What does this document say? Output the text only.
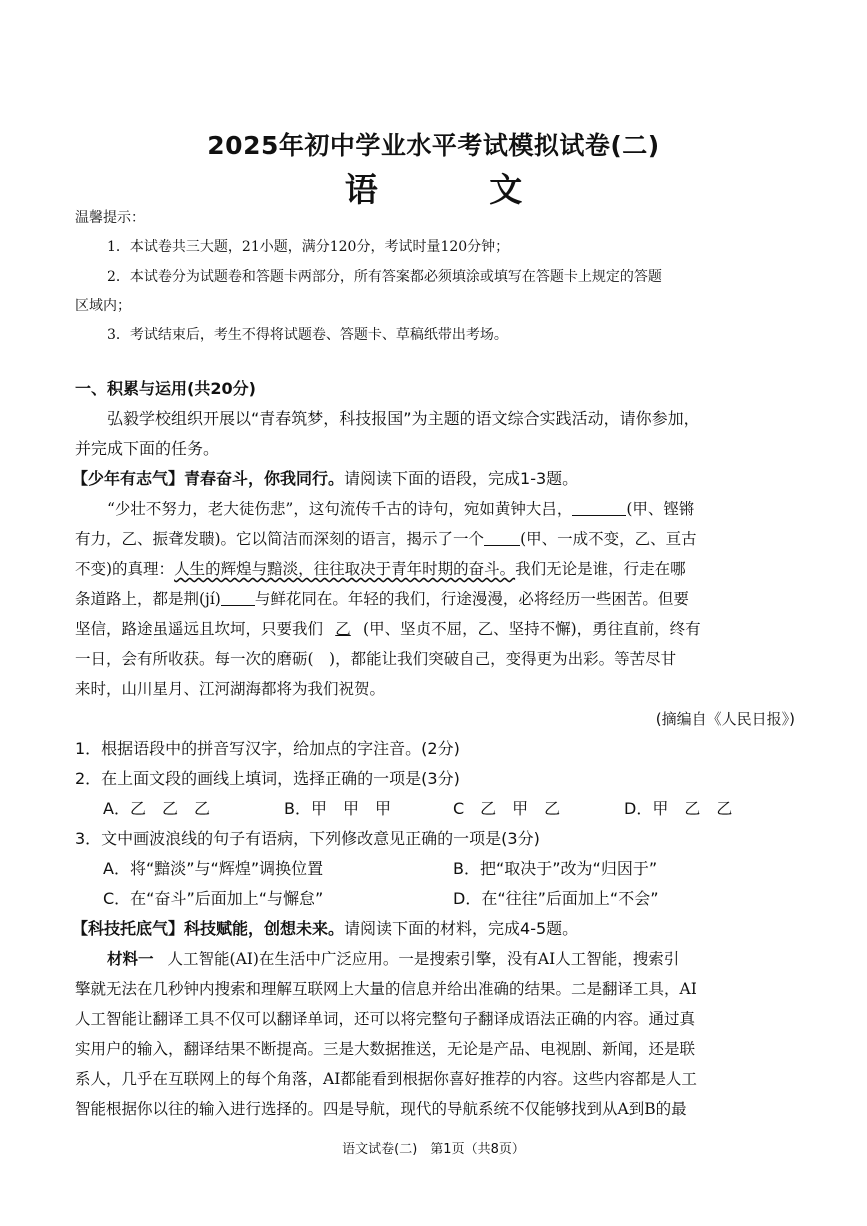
2025年初中学业水平考试模拟试卷(二)
语 文
温馨提示：
1．本试卷共三大题，21小题，满分120分，考试时量120分钟；
2．本试卷分为试题卷和答题卡两部分，所有答案都必须填涂或填写在答题卡上规定的答题
区域内；
3．考试结束后，考生不得将试题卷、答题卡、草稿纸带出考场。
一、积累与运用(共20分)
弘毅学校组织开展以“青春筑梦，科技报国”为主题的语文综合实践活动，请你参加，
并完成下面的任务。
【少年有志气】青春奋斗，你我同行。请阅读下面的语段，完成1-3题。
“少壮不努力，老大徒伤悲”，这句流传千古的诗句，宛如黄钟大吕，	(甲、铿锵
有力，乙、振聋发聩)。它以简洁而深刻的语言，揭示了一个 (甲、一成不变，乙、亘古
不变)的真理：人生的辉煌与黯淡，往往取决于青年时期的奋斗。我们无论是谁，行走在哪
条道路上，都是荆(jí) 与鲜花同在。年轻的我们，行途漫漫，必将经历一些困苦。但要
坚信，路途虽遥远且坎坷，只要我们 乙 (甲、坚贞不屈，乙、坚持不懈)，勇往直前，终有
一日，会有所收获。每一次的磨砺(　)，都能让我们突破自己，变得更为出彩。等苦尽甘
来时，山川星月、江河湖海都将为我们祝贺。
(摘编自《人民日报》)
1．根据语段中的拼音写汉字，给加点的字注音。(2分)
2．在上面文段的画线上填词，选择正确的一项是(3分)
A．乙　乙　乙	B．甲　甲　甲	C　乙　甲　乙	D．甲　乙　乙
3．文中画波浪线的句子有语病，下列修改意见正确的一项是(3分)
A．将“黯淡”与“辉煌”调换位置	B．把“取决于”改为“归因于”
C．在“奋斗”后面加上“与懈怠”	D．在“往往”后面加上“不会”
【科技托底气】科技赋能，创想未来。请阅读下面的材料，完成4-5题。
材料一 人工智能(AI)在生活中广泛应用。一是搜索引擎，没有AI人工智能，搜索引
擎就无法在几秒钟内搜索和理解互联网上大量的信息并给出准确的结果。二是翻译工具，AI
人工智能让翻译工具不仅可以翻译单词，还可以将完整句子翻译成语法正确的内容。通过真
实用户的输入，翻译结果不断提高。三是大数据推送，无论是产品、电视剧、新闻，还是联
系人，几乎在互联网上的每个角落，AI都能看到根据你喜好推荐的内容。这些内容都是人工
智能根据你以往的输入进行选择的。四是导航，现代的导航系统不仅能够找到从A到B的最
语文试卷(二)　第1页（共8页）
